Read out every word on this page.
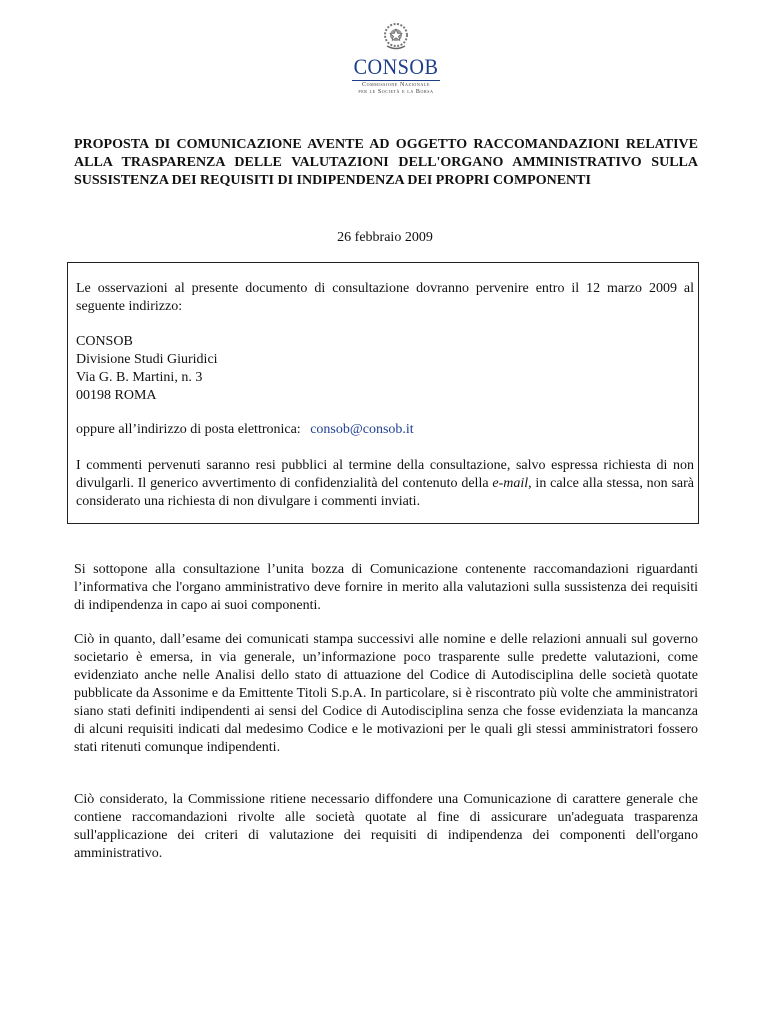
CONSOB
Commissione Nazionale
per le Società e la Borsa

PROPOSTA DI COMUNICAZIONE AVENTE AD OGGETTO RACCOMANDAZIONI RELATIVE ALLA TRASPARENZA DELLE VALUTAZIONI DELL'ORGANO AMMINISTRATIVO SULLA SUSSISTENZA DEI REQUISITI DI INDIPENDENZA DEI PROPRI COMPONENTI

26 febbraio 2009

Le osservazioni al presente documento di consultazione dovranno pervenire entro il 12 marzo 2009 al seguente indirizzo:

CONSOB
Divisione Studi Giuridici
Via G. B. Martini, n. 3
00198 ROMA

oppure all’indirizzo di posta elettronica: consob@consob.it

I commenti pervenuti saranno resi pubblici al termine della consultazione, salvo espressa richiesta di non divulgarli. Il generico avvertimento di confidenzialità del contenuto della e-mail, in calce alla stessa, non sarà considerato una richiesta di non divulgare i commenti inviati.

Si sottopone alla consultazione l’unita bozza di Comunicazione contenente raccomandazioni riguardanti l’informativa che l'organo amministrativo deve fornire in merito alla valutazioni sulla sussistenza dei requisiti di indipendenza in capo ai suoi componenti.

Ciò in quanto, dall’esame dei comunicati stampa successivi alle nomine e delle relazioni annuali sul governo societario è emersa, in via generale, un’informazione poco trasparente sulle predette valutazioni, come evidenziato anche nelle Analisi dello stato di attuazione del Codice di Autodisciplina delle società quotate pubblicate da Assonime e da Emittente Titoli S.p.A. In particolare, si è riscontrato più volte che amministratori siano stati definiti indipendenti ai sensi del Codice di Autodisciplina senza che fosse evidenziata la mancanza di alcuni requisiti indicati dal medesimo Codice e le motivazioni per le quali gli stessi amministratori fossero stati ritenuti comunque indipendenti.

Ciò considerato, la Commissione ritiene necessario diffondere una Comunicazione di carattere generale che contiene raccomandazioni rivolte alle società quotate al fine di assicurare un'adeguata trasparenza sull'applicazione dei criteri di valutazione dei requisiti di indipendenza dei componenti dell'organo amministrativo.
